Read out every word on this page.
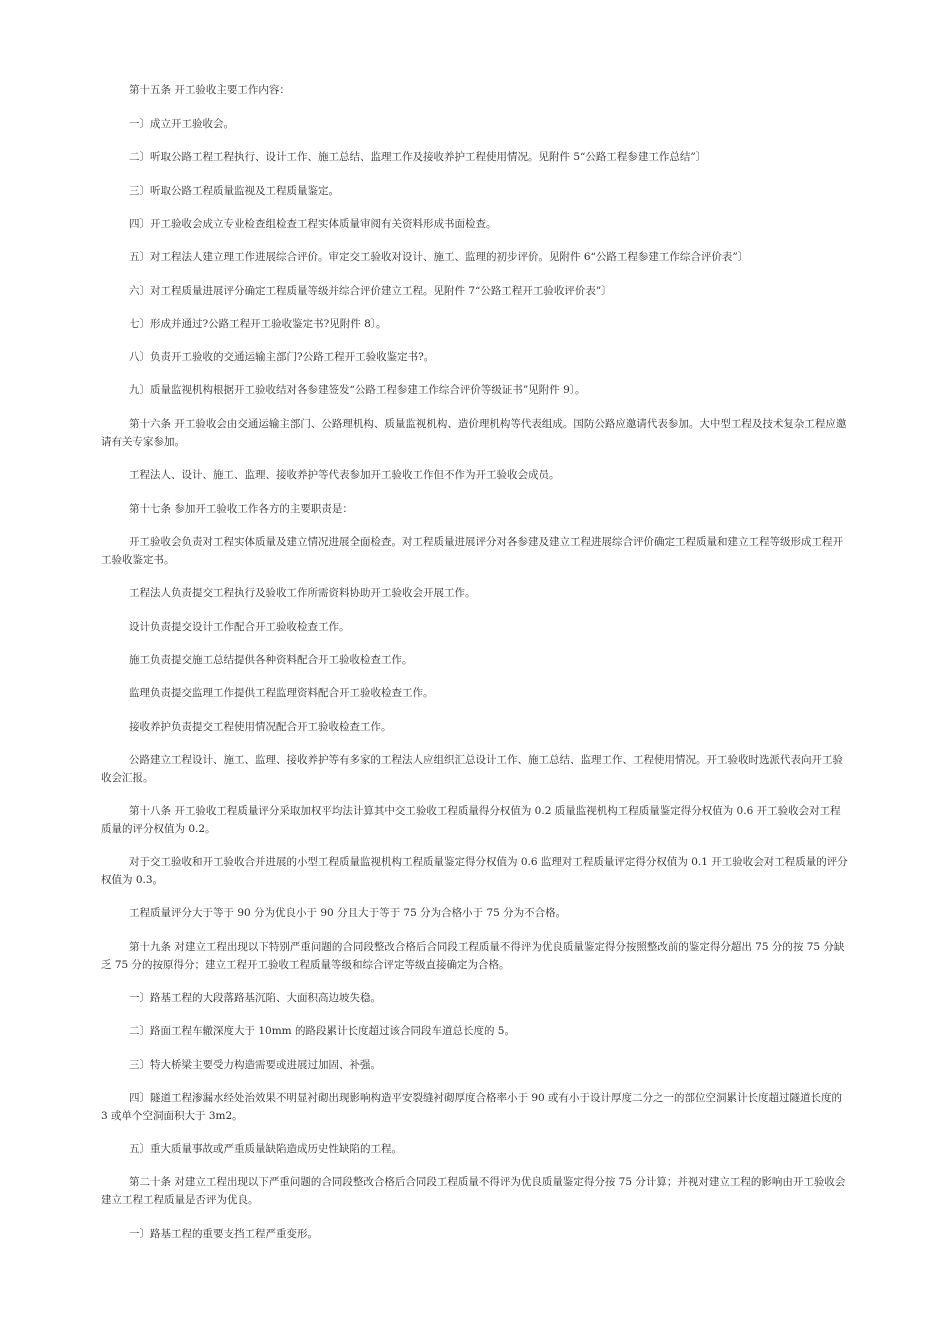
第十五条 开工验收主要工作内容：

一〕成立开工验收会。

二〕听取公路工程工程执行、设计工作、施工总结、监理工作及接收养护工程使用情况。见附件 5“公路工程参建工作总结”〕

三〕听取公路工程质量监视及工程质量鉴定。

四〕开工验收会成立专业检查组检查工程实体质量审阅有关资料形成书面检查。

五〕对工程法人建立理工作进展综合评价。审定交工验收对设计、施工、监理的初步评价。见附件 6“公路工程参建工作综合评价表”〕

六〕对工程质量进展评分确定工程质量等级并综合评价建立工程。见附件 7“公路工程开工验收评价表”〕

七〕形成并通过?公路工程开工验收鉴定书?见附件 8〕。

八〕负责开工验收的交通运输主部门?公路工程开工验收鉴定书?。

九〕质量监视机构根据开工验收结对各参建签发“公路工程参建工作综合评价等级证书”见附件 9〕。

第十六条 开工验收会由交通运输主部门、公路理机构、质量监视机构、造价理机构等代表组成。国防公路应邀请代表参加。大中型工程及技术复杂工程应邀请有关专家参加。

工程法人、设计、施工、监理、接收养护等代表参加开工验收工作但不作为开工验收会成员。

第十七条 参加开工验收工作各方的主要职责是：

开工验收会负责对工程实体质量及建立情况进展全面检查。对工程质量进展评分对各参建及建立工程进展综合评价确定工程质量和建立工程等级形成工程开工验收鉴定书。

工程法人负责提交工程执行及验收工作所需资料协助开工验收会开展工作。

设计负责提交设计工作配合开工验收检查工作。

施工负责提交施工总结提供各种资料配合开工验收检查工作。

监理负责提交监理工作提供工程监理资料配合开工验收检查工作。

接收养护负责提交工程使用情况配合开工验收检查工作。

公路建立工程设计、施工、监理、接收养护等有多家的工程法人应组织汇总设计工作、施工总结、监理工作、工程使用情况。开工验收时选派代表向开工验收会汇报。

第十八条 开工验收工程质量评分采取加权平均法计算其中交工验收工程质量得分权值为 0.2 质量监视机构工程质量鉴定得分权值为 0.6 开工验收会对工程质量的评分权值为 0.2。

对于交工验收和开工验收合并进展的小型工程质量监视机构工程质量鉴定得分权值为 0.6 监理对工程质量评定得分权值为 0.1 开工验收会对工程质量的评分权值为 0.3。

工程质量评分大于等于 90 分为优良小于 90 分且大于等于 75 分为合格小于 75 分为不合格。

第十九条 对建立工程出现以下特别严重问题的合同段整改合格后合同段工程质量不得评为优良质量鉴定得分按照整改前的鉴定得分超出 75 分的按 75 分缺乏 75 分的按原得分；建立工程开工验收工程质量等级和综合评定等级直接确定为合格。

一〕路基工程的大段落路基沉陷、大面积高边坡失稳。

二〕路面工程车辙深度大于 10mm 的路段累计长度超过该合同段车道总长度的 5。

三〕特大桥梁主要受力构造需要或进展过加固、补强。

四〕隧道工程渗漏水经处治效果不明显衬砌出现影响构造平安裂缝衬砌厚度合格率小于 90 或有小于设计厚度二分之一的部位空洞累计长度超过隧道长度的 3 或单个空洞面积大于 3m2。

五〕重大质量事故或严重质量缺陷造成历史性缺陷的工程。

第二十条 对建立工程出现以下严重问题的合同段整改合格后合同段工程质量不得评为优良质量鉴定得分按 75 分计算；并视对建立工程的影响由开工验收会建立工程工程质量是否评为优良。

一〕路基工程的重要支挡工程严重变形。
